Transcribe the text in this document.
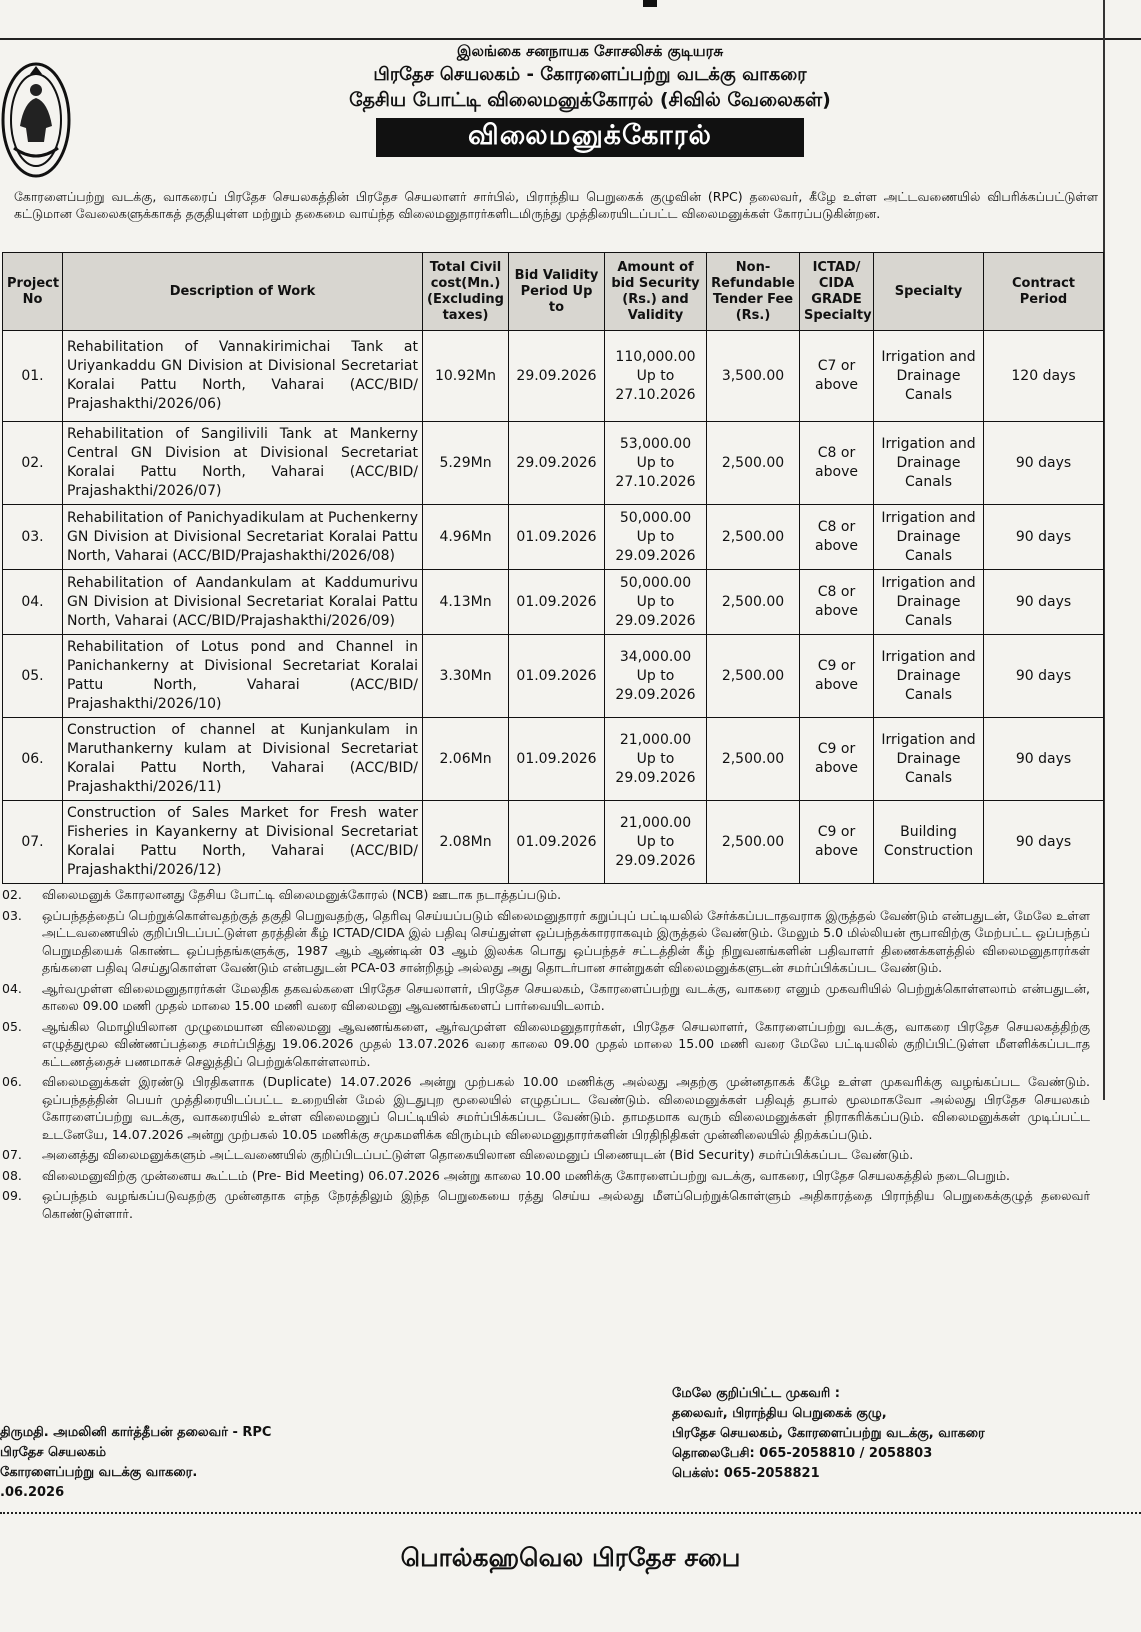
இலங்கை சனநாயக சோசலிசக் குடியரசு
பிரதேச செயலகம் - கோரளைப்பற்று வடக்கு வாகரை
தேசிய போட்டி விலைமனுக்கோரல் (சிவில் வேலைகள்)
விலைமனுக்கோரல்
கோரளைப்பற்று வடக்கு, வாகரைப் பிரதேச செயலகத்தின் பிரதேச செயலாளர் சார்பில், பிராந்திய பெறுகைக் குழுவின் (RPC) தலைவர், கீழே உள்ள அட்டவணையில் விபரிக்கப்பட்டுள்ள கட்டுமான வேலைகளுக்காகத் தகுதியுள்ள மற்றும் தகைமை வாய்ந்த விலைமனுதாரர்களிடமிருந்து முத்திரையிடப்பட்ட விலைமனுக்கள் கோரப்படுகின்றன.
Project No	Description of Work	Total Civil cost(Mn.) (Excluding taxes)	Bid Validity Period Up to	Amount of bid Security (Rs.) and Validity	Non-Refundable Tender Fee (Rs.)	ICTAD/ CIDA GRADE Specialty	Specialty	Contract Period
01.	Rehabilitation of Vannakirimichai Tank at Uriyankaddu GN Division at Divisional Secretariat Koralai Pattu North, Vaharai (ACC/BID/ Prajashakthi/2026/06)	10.92Mn	29.09.2026	110,000.00 Up to 27.10.2026	3,500.00	C7 or above	Irrigation and Drainage Canals	120 days
02.	Rehabilitation of Sangilivili Tank at Mankerny Central GN Division at Divisional Secretariat Koralai Pattu North, Vaharai (ACC/BID/ Prajashakthi/2026/07)	5.29Mn	29.09.2026	53,000.00 Up to 27.10.2026	2,500.00	C8 or above	Irrigation and Drainage Canals	90 days
03.	Rehabilitation of Panichyadikulam at Puchenkerny GN Division at Divisional Secretariat Koralai Pattu North, Vaharai (ACC/BID/Prajashakthi/2026/08)	4.96Mn	01.09.2026	50,000.00 Up to 29.09.2026	2,500.00	C8 or above	Irrigation and Drainage Canals	90 days
04.	Rehabilitation of Aandankulam at Kaddumurivu GN Division at Divisional Secretariat Koralai Pattu North, Vaharai (ACC/BID/Prajashakthi/2026/09)	4.13Mn	01.09.2026	50,000.00 Up to 29.09.2026	2,500.00	C8 or above	Irrigation and Drainage Canals	90 days
05.	Rehabilitation of Lotus pond and Channel in Panichankerny at Divisional Secretariat Koralai Pattu North, Vaharai (ACC/BID/ Prajashakthi/2026/10)	3.30Mn	01.09.2026	34,000.00 Up to 29.09.2026	2,500.00	C9 or above	Irrigation and Drainage Canals	90 days
06.	Construction of channel at Kunjankulam in Maruthankerny kulam at Divisional Secretariat Koralai Pattu North, Vaharai (ACC/BID/ Prajashakthi/2026/11)	2.06Mn	01.09.2026	21,000.00 Up to 29.09.2026	2,500.00	C9 or above	Irrigation and Drainage Canals	90 days
07.	Construction of Sales Market for Fresh water Fisheries in Kayankerny at Divisional Secretariat Koralai Pattu North, Vaharai (ACC/BID/ Prajashakthi/2026/12)	2.08Mn	01.09.2026	21,000.00 Up to 29.09.2026	2,500.00	C9 or above	Building Construction	90 days
02.	விலைமனுக் கோரலானது தேசிய போட்டி விலைமனுக்கோரல் (NCB) ஊடாக நடாத்தப்படும்.
03.	ஒப்பந்தத்தைப் பெற்றுக்கொள்வதற்குத் தகுதி பெறுவதற்கு, தெரிவு செய்யப்படும் விலைமனுதாரர் கறுப்புப் பட்டியலில் சேர்க்கப்படாதவராக இருத்தல் வேண்டும் என்பதுடன், மேலே உள்ள அட்டவணையில் குறிப்பிடப்பட்டுள்ள தரத்தின் கீழ் ICTAD/CIDA இல் பதிவு செய்துள்ள ஒப்பந்தக்காரராகவும் இருத்தல் வேண்டும். மேலும் 5.0 மில்லியன் ரூபாவிற்கு மேற்பட்ட ஒப்பந்தப் பெறுமதியைக் கொண்ட ஒப்பந்தங்களுக்கு, 1987 ஆம் ஆண்டின் 03 ஆம் இலக்க பொது ஒப்பந்தச் சட்டத்தின் கீழ் நிறுவனங்களின் பதிவாளர் திணைக்களத்தில் விலைமனுதாரர்கள் தங்களை பதிவு செய்துகொள்ள வேண்டும் என்பதுடன் PCA-03 சான்றிதழ் அல்லது அது தொடர்பான சான்றுகள் விலைமனுக்களுடன் சமர்ப்பிக்கப்பட வேண்டும்.
04.	ஆர்வமுள்ள விலைமனுதாரர்கள் மேலதிக தகவல்களை பிரதேச செயலாளர், பிரதேச செயலகம், கோரளைப்பற்று வடக்கு, வாகரை எனும் முகவரியில் பெற்றுக்கொள்ளலாம் என்பதுடன், காலை 09.00 மணி முதல் மாலை 15.00 மணி வரை விலைமனு ஆவணங்களைப் பார்வையிடலாம்.
05.	ஆங்கில மொழியிலான முழுமையான விலைமனு ஆவணங்களை, ஆர்வமுள்ள விலைமனுதாரர்கள், பிரதேச செயலாளர், கோரளைப்பற்று வடக்கு, வாகரை பிரதேச செயலகத்திற்கு எழுத்துமூல விண்ணப்பத்தை சமர்ப்பித்து 19.06.2026 முதல் 13.07.2026 வரை காலை 09.00 முதல் மாலை 15.00 மணி வரை மேலே பட்டியலில் குறிப்பிட்டுள்ள மீளளிக்கப்படாத கட்டணத்தைச் பணமாகச் செலுத்திப் பெற்றுக்கொள்ளலாம்.
06.	விலைமனுக்கள் இரண்டு பிரதிகளாக (Duplicate) 14.07.2026 அன்று முற்பகல் 10.00 மணிக்கு அல்லது அதற்கு முன்னதாகக் கீழே உள்ள முகவரிக்கு வழங்கப்பட வேண்டும். ஒப்பந்தத்தின் பெயர் முத்திரையிடப்பட்ட உறையின் மேல் இடதுபுற மூலையில் எழுதப்பட வேண்டும். விலைமனுக்கள் பதிவுத் தபால் மூலமாகவோ அல்லது பிரதேச செயலகம் கோரளைப்பற்று வடக்கு, வாகரையில் உள்ள விலைமனுப் பெட்டியில் சமர்ப்பிக்கப்பட வேண்டும். தாமதமாக வரும் விலைமனுக்கள் நிராகரிக்கப்படும். விலைமனுக்கள் முடிப்பட்ட உடனேயே, 14.07.2026 அன்று முற்பகல் 10.05 மணிக்கு சமுகமளிக்க விரும்பும் விலைமனுதாரர்களின் பிரதிநிதிகள் முன்னிலையில் திறக்கப்படும்.
07.	அனைத்து விலைமனுக்களும் அட்டவணையில் குறிப்பிடப்பட்டுள்ள தொகையிலான விலைமனுப் பிணையுடன் (Bid Security) சமர்ப்பிக்கப்பட வேண்டும்.
08.	விலைமனுவிற்கு முன்னைய கூட்டம் (Pre- Bid Meeting) 06.07.2026 அன்று காலை 10.00 மணிக்கு கோரளைப்பற்று வடக்கு, வாகரை, பிரதேச செயலகத்தில் நடைபெறும்.
09.	ஒப்பந்தம் வழங்கப்படுவதற்கு முன்னதாக எந்த நேரத்திலும் இந்த பெறுகையை ரத்து செய்ய அல்லது மீளப்பெற்றுக்கொள்ளும் அதிகாரத்தை பிராந்திய பெறுகைக்குழுத் தலைவர் கொண்டுள்ளார்.
திருமதி. அமலினி கார்த்தீபன் தலைவர் - RPC
பிரதேச செயலகம்
கோரளைப்பற்று வடக்கு வாகரை.
.06.2026
மேலே குறிப்பிட்ட முகவரி :
தலைவர், பிராந்திய பெறுகைக் குழு,
பிரதேச செயலகம், கோரளைப்பற்று வடக்கு, வாகரை
தொலைபேசி: 065-2058810 / 2058803
பெக்ஸ்: 065-2058821
பொல்கஹவெல பிரதேச சபை
